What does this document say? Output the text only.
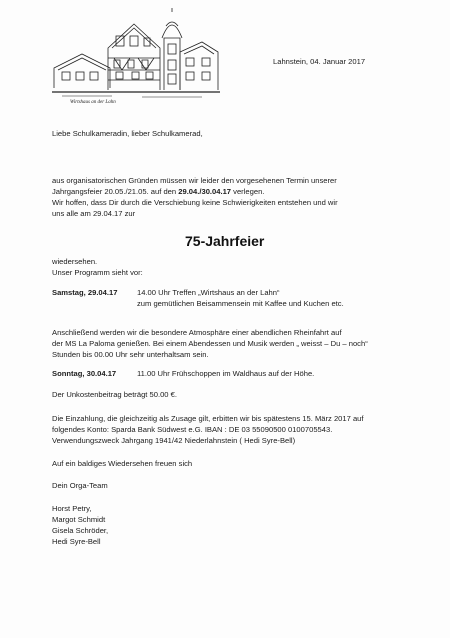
Wirtshaus an der Lahn
Lahnstein, 04. Januar 2017
Liebe Schulkameradin, lieber Schulkamerad,
aus organisatorischen Gründen müssen wir leider den vorgesehenen Termin unserer
Jahrgangsfeier 20.05./21.05. auf den 29.04./30.04.17 verlegen.
Wir hoffen, dass Dir durch die Verschiebung keine Schwierigkeiten entstehen und wir
uns alle am 29.04.17 zur
75-Jahrfeier
wiedersehen.
Unser Programm sieht vor:
Samstag, 29.04.17	14.00 Uhr Treffen „Wirtshaus an der Lahn“
zum gemütlichen Beisammensein mit Kaffee und Kuchen etc.
Anschließend werden wir die besondere Atmosphäre einer abendlichen Rheinfahrt auf
der MS La Paloma genießen. Bei einem Abendessen und Musik werden „ weisst – Du – noch“
Stunden bis 00.00 Uhr sehr unterhaltsam sein.
Sonntag, 30.04.17	11.00 Uhr Frühschoppen im Waldhaus auf der Höhe.
Der Unkostenbeitrag beträgt 50.00 €.
Die Einzahlung, die gleichzeitig als Zusage gilt, erbitten wir bis spätestens 15. März 2017 auf
folgendes Konto: Sparda Bank Südwest e.G. IBAN : DE 03 55090500 0100705543.
Verwendungszweck Jahrgang 1941/42 Niederlahnstein ( Hedi Syre-Bell)
Auf ein baldiges Wiedersehen freuen sich
Dein Orga-Team
Horst Petry,
Margot Schmidt
Gisela Schröder,
Hedi Syre-Bell
